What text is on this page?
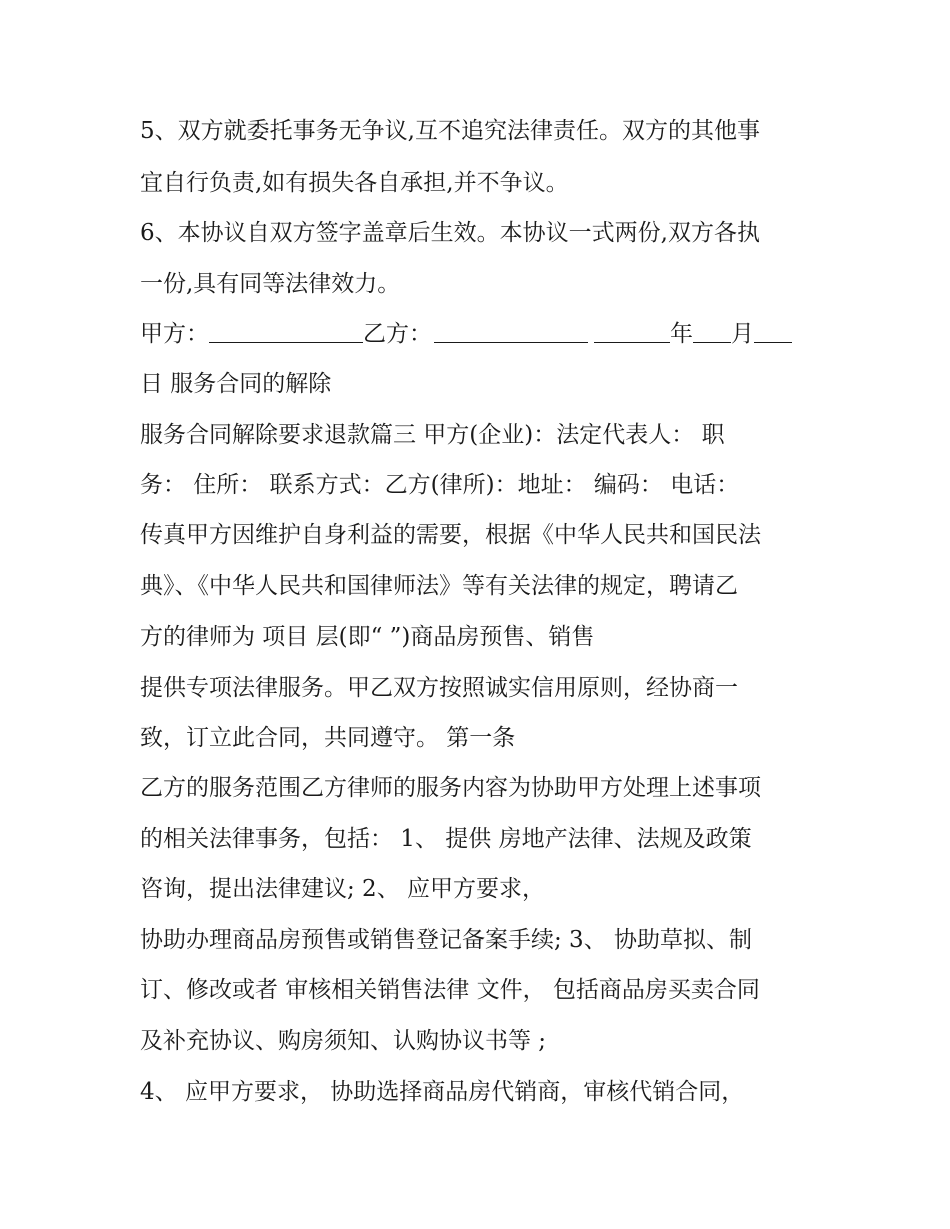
5、双方就委托事务无争议,互不追究法律责任。双方的其他事
宜自行负责,如有损失各自承担,并不争议。
6、本协议自双方签字盖章后生效。本协议一式两份,双方各执
一份,具有同等法律效力。
甲方：	乙方：	年 月
日 服务合同的解除
服务合同解除要求退款篇三 甲方(企业)：法定代表人： 职
务： 住所： 联系方式：乙方(律所)：地址： 编码： 电话：
传真甲方因维护自身利益的需要，根据《中华人民共和国民法
典》、《中华人民共和国律师法》等有关法律的规定，聘请乙
方的律师为 项目 层(即“ ”)商品房预售、销售
提供专项法律服务。甲乙双方按照诚实信用原则，经协商一
致，订立此合同，共同遵守。 第一条
乙方的服务范围乙方律师的服务内容为协助甲方处理上述事项
的相关法律事务，包括： 1、 提供 房地产法律、法规及政策
咨询，提出法律建议; 2、 应甲方要求，
协助办理商品房预售或销售登记备案手续; 3、 协助草拟、制
订、修改或者 审核相关销售法律 文件， 包括商品房买卖合同
及补充协议、购房须知、认购协议书等 ;
4、 应甲方要求， 协助选择商品房代销商，审核代销合同，
